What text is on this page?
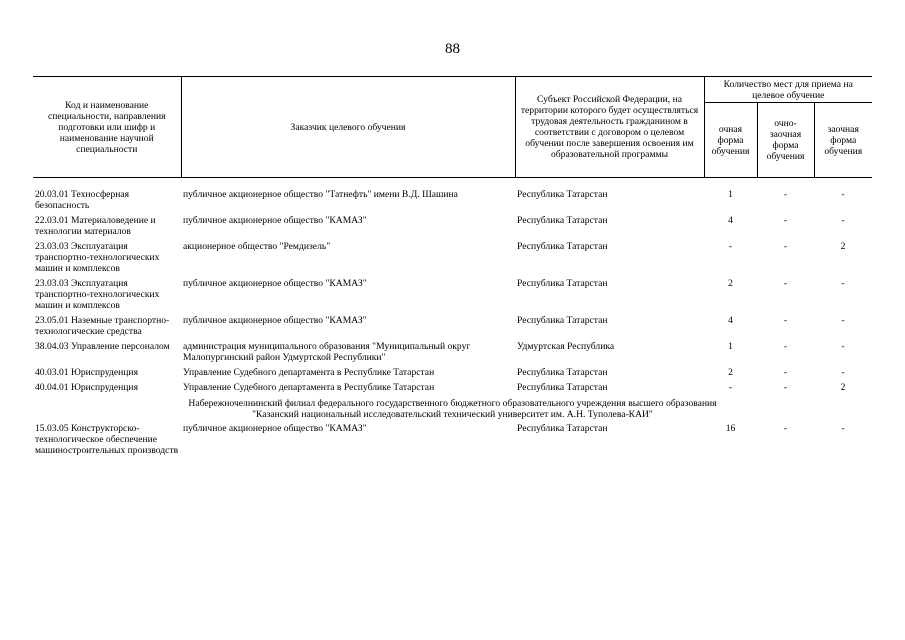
88
Код и наименование специальности, направления подготовки или шифр и наименование научной специальности	Заказчик целевого обучения	Субъект Российской Федерации, на территории которого будет осуществляться трудовая деятельность гражданином в соответствии с договором о целевом обучении после завершения освоения им образовательной программы	Количество мест для приема на целевое обучение		
			очная форма обучения	очно-заочная форма обучения	заочная форма обучения

20.03.01 Техносферная безопасность	публичное акционерное общество "Татнефть" имени В.Д. Шашина	Республика Татарстан	1	-	-
22.03.01 Материаловедение и технологии материалов	публичное акционерное общество "КАМАЗ"	Республика Татарстан	4	-	-
23.03.03 Эксплуатация транспортно-технологических машин и комплексов	акционерное общество "Ремдизель"	Республика Татарстан	-	-	2
23.03.03 Эксплуатация транспортно-технологических машин и комплексов	публичное акционерное общество "КАМАЗ"	Республика Татарстан	2	-	-
23.05.01 Наземные транспортно-технологические средства	публичное акционерное общество "КАМАЗ"	Республика Татарстан	4	-	-
38.04.03 Управление персоналом	администрация муниципального образования "Муниципальный округ Малопургинский район Удмуртской Республики"	Удмуртская Республика	1	-	-
40.03.01 Юриспруденция	Управление Судебного департамента в Республике Татарстан	Республика Татарстан	2	-	-
40.04.01 Юриспруденция	Управление Судебного департамента в Республике Татарстан	Республика Татарстан	-	-	2

Набережночелнинский филиал федерального государственного бюджетного образовательного учреждения высшего образования
"Казанский национальный исследовательский технический университет им. А.Н. Туполева-КАИ"					

15.03.05 Конструкторско-технологическое обеспечение машиностроительных производств	публичное акционерное общество "КАМАЗ"	Республика Татарстан	16	-	-
